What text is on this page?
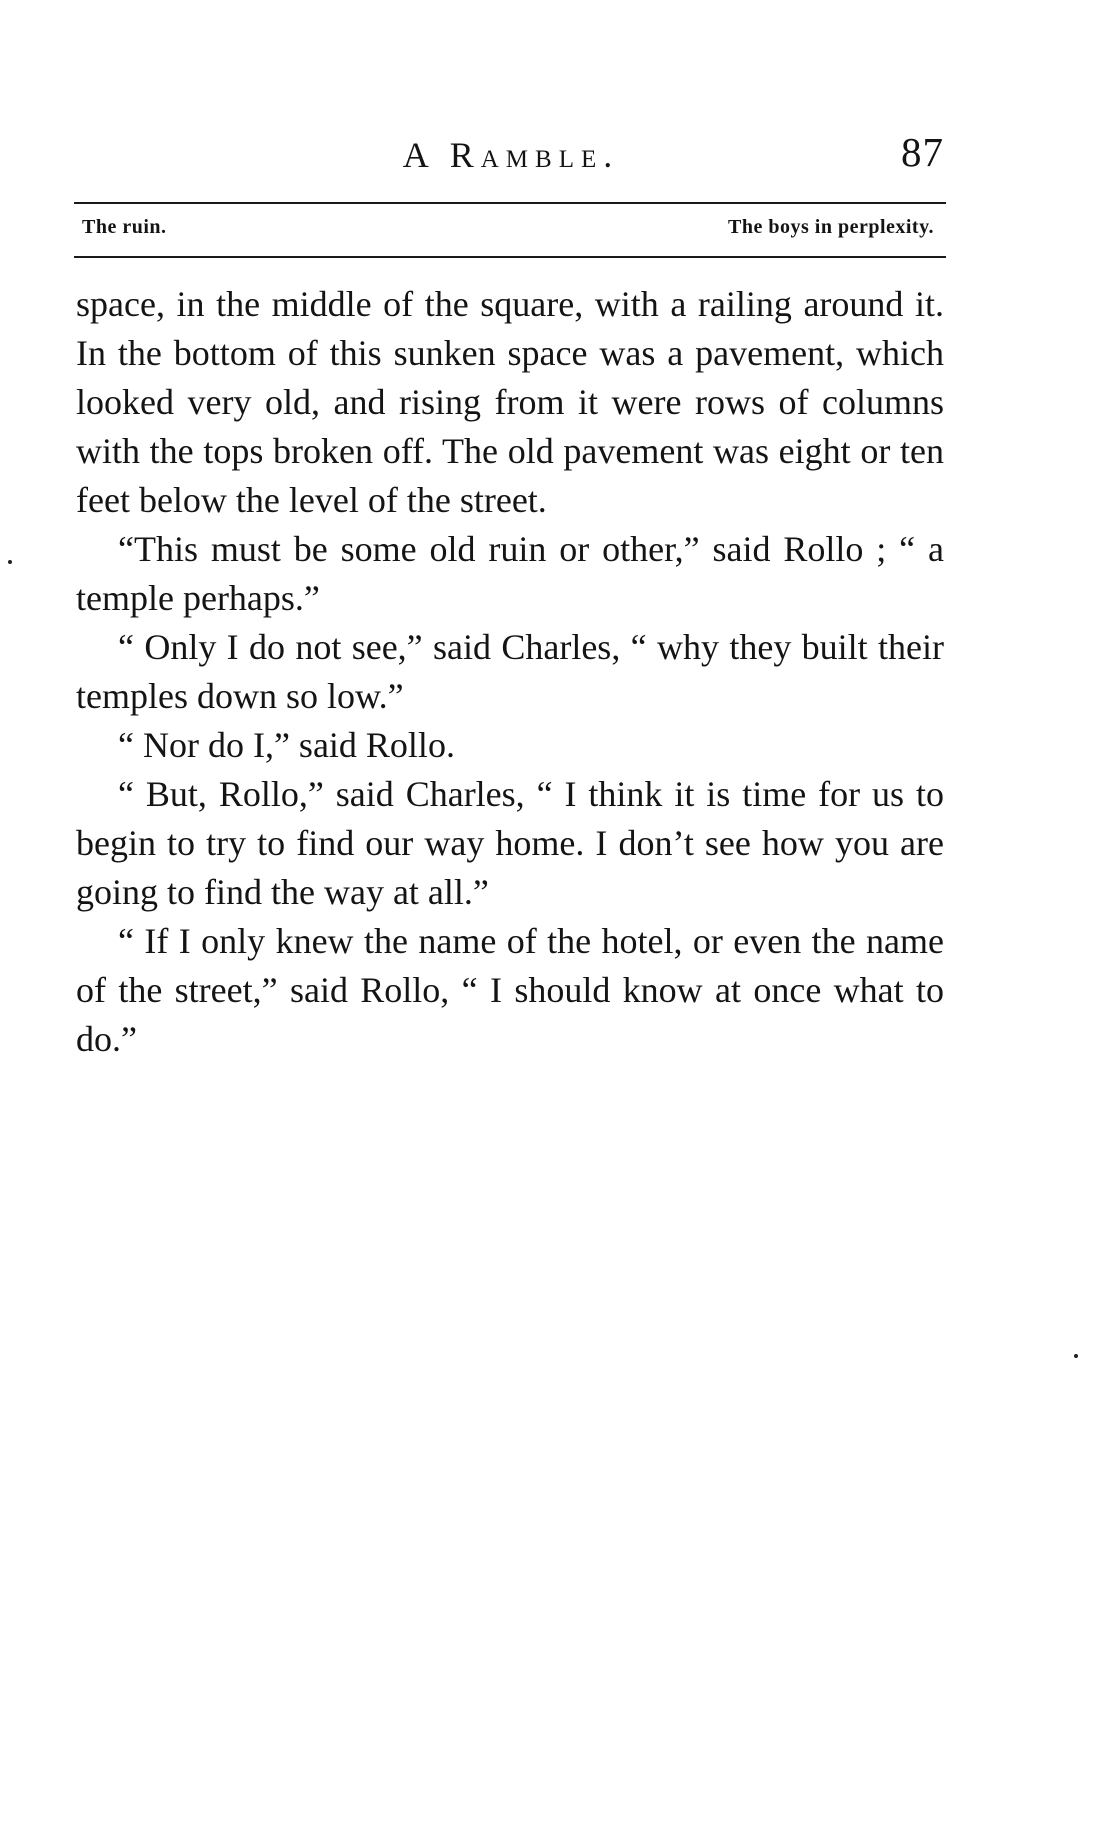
A Ramble.	87
The ruin.	The boys in perplexity.

space, in the middle of the square, with a railing around it. In the bottom of this sunken space was a pavement, which looked very old, and rising from it were rows of columns with the tops broken off. The old pavement was eight or ten feet below the level of the street.

“This must be some old ruin or other,” said Rollo ; “ a temple perhaps.”

“ Only I do not see,” said Charles, “ why they built their temples down so low.”

“ Nor do I,” said Rollo.

“ But, Rollo,” said Charles, “ I think it is time for us to begin to try to find our way home. I don’t see how you are going to find the way at all.”

“ If I only knew the name of the hotel, or even the name of the street,” said Rollo, “ I should know at once what to do.”
